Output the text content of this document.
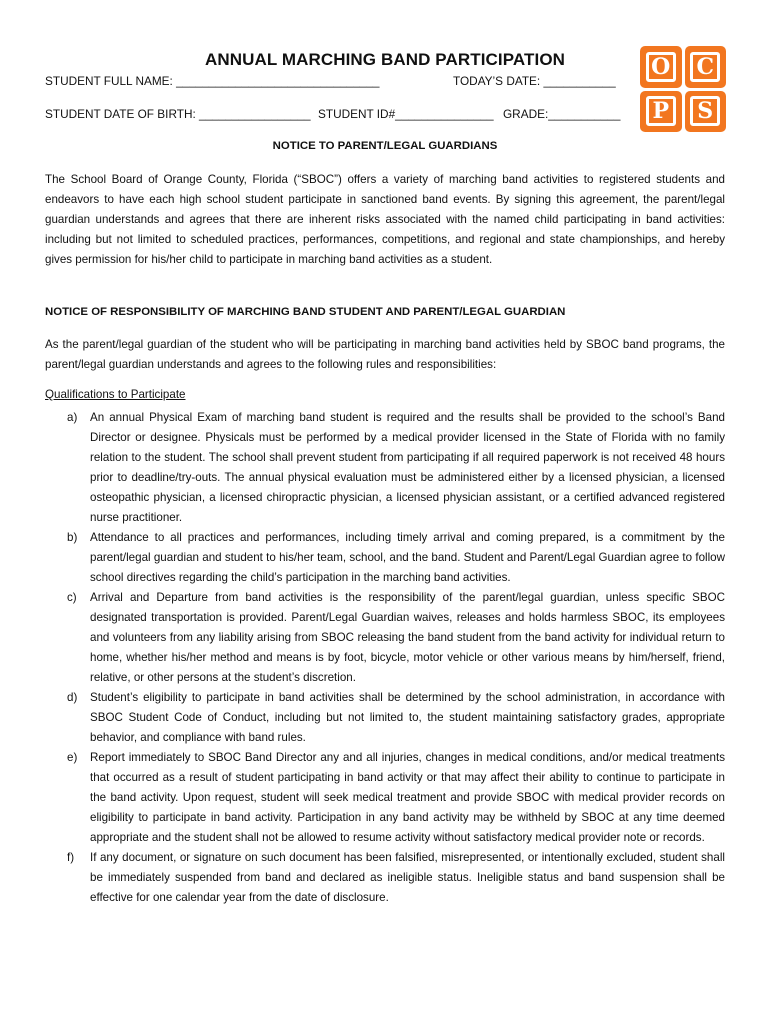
O C
P	S
ANNUAL MARCHING BAND PARTICIPATION
STUDENT FULL NAME: _______________________________	TODAY’S DATE: ___________
STUDENT DATE OF BIRTH: _________________ STUDENT ID#_______________ GRADE:___________
NOTICE TO PARENT/LEGAL GUARDIANS

The School Board of Orange County, Florida (“SBOC”) offers a variety of marching band activities to registered students and endeavors to have each high school student participate in sanctioned band events. By signing this agreement, the parent/legal guardian understands and agrees that there are inherent risks associated with the named child participating in band activities: including but not limited to scheduled practices, performances, competitions, and regional and state championships, and hereby gives permission for his/her child to participate in marching band activities as a student.

NOTICE OF RESPONSIBILITY OF MARCHING BAND STUDENT AND PARENT/LEGAL GUARDIAN

As the parent/legal guardian of the student who will be participating in marching band activities held by SBOC band programs, the parent/legal guardian understands and agrees to the following rules and responsibilities:

Qualifications to Participate
a) An annual Physical Exam of marching band student is required and the results shall be provided to the school’s Band Director or designee. Physicals must be performed by a medical provider licensed in the State of Florida with no family relation to the student. The school shall prevent student from participating if all required paperwork is not received 48 hours prior to deadline/try-outs. The annual physical evaluation must be administered either by a licensed physician, a licensed osteopathic physician, a licensed chiropractic physician, a licensed physician assistant, or a certified advanced registered nurse practitioner.
b) Attendance to all practices and performances, including timely arrival and coming prepared, is a commitment by the parent/legal guardian and student to his/her team, school, and the band. Student and Parent/Legal Guardian agree to follow school directives regarding the child’s participation in the marching band activities.
c) Arrival and Departure from band activities is the responsibility of the parent/legal guardian, unless specific SBOC designated transportation is provided. Parent/Legal Guardian waives, releases and holds harmless SBOC, its employees and volunteers from any liability arising from SBOC releasing the band student from the band activity for individual return to home, whether his/her method and means is by foot, bicycle, motor vehicle or other various means by him/herself, friend, relative, or other persons at the student’s discretion.
d) Student’s eligibility to participate in band activities shall be determined by the school administration, in accordance with SBOC Student Code of Conduct, including but not limited to, the student maintaining satisfactory grades, appropriate behavior, and compliance with band rules.
e) Report immediately to SBOC Band Director any and all injuries, changes in medical conditions, and/or medical treatments that occurred as a result of student participating in band activity or that may affect their ability to continue to participate in the band activity. Upon request, student will seek medical treatment and provide SBOC with medical provider records on eligibility to participate in band activity. Participation in any band activity may be withheld by SBOC at any time deemed appropriate and the student shall not be allowed to resume activity without satisfactory medical provider note or records.
f) If any document, or signature on such document has been falsified, misrepresented, or intentionally excluded, student shall be immediately suspended from band and declared as ineligible status. Ineligible status and band suspension shall be effective for one calendar year from the date of disclosure.
